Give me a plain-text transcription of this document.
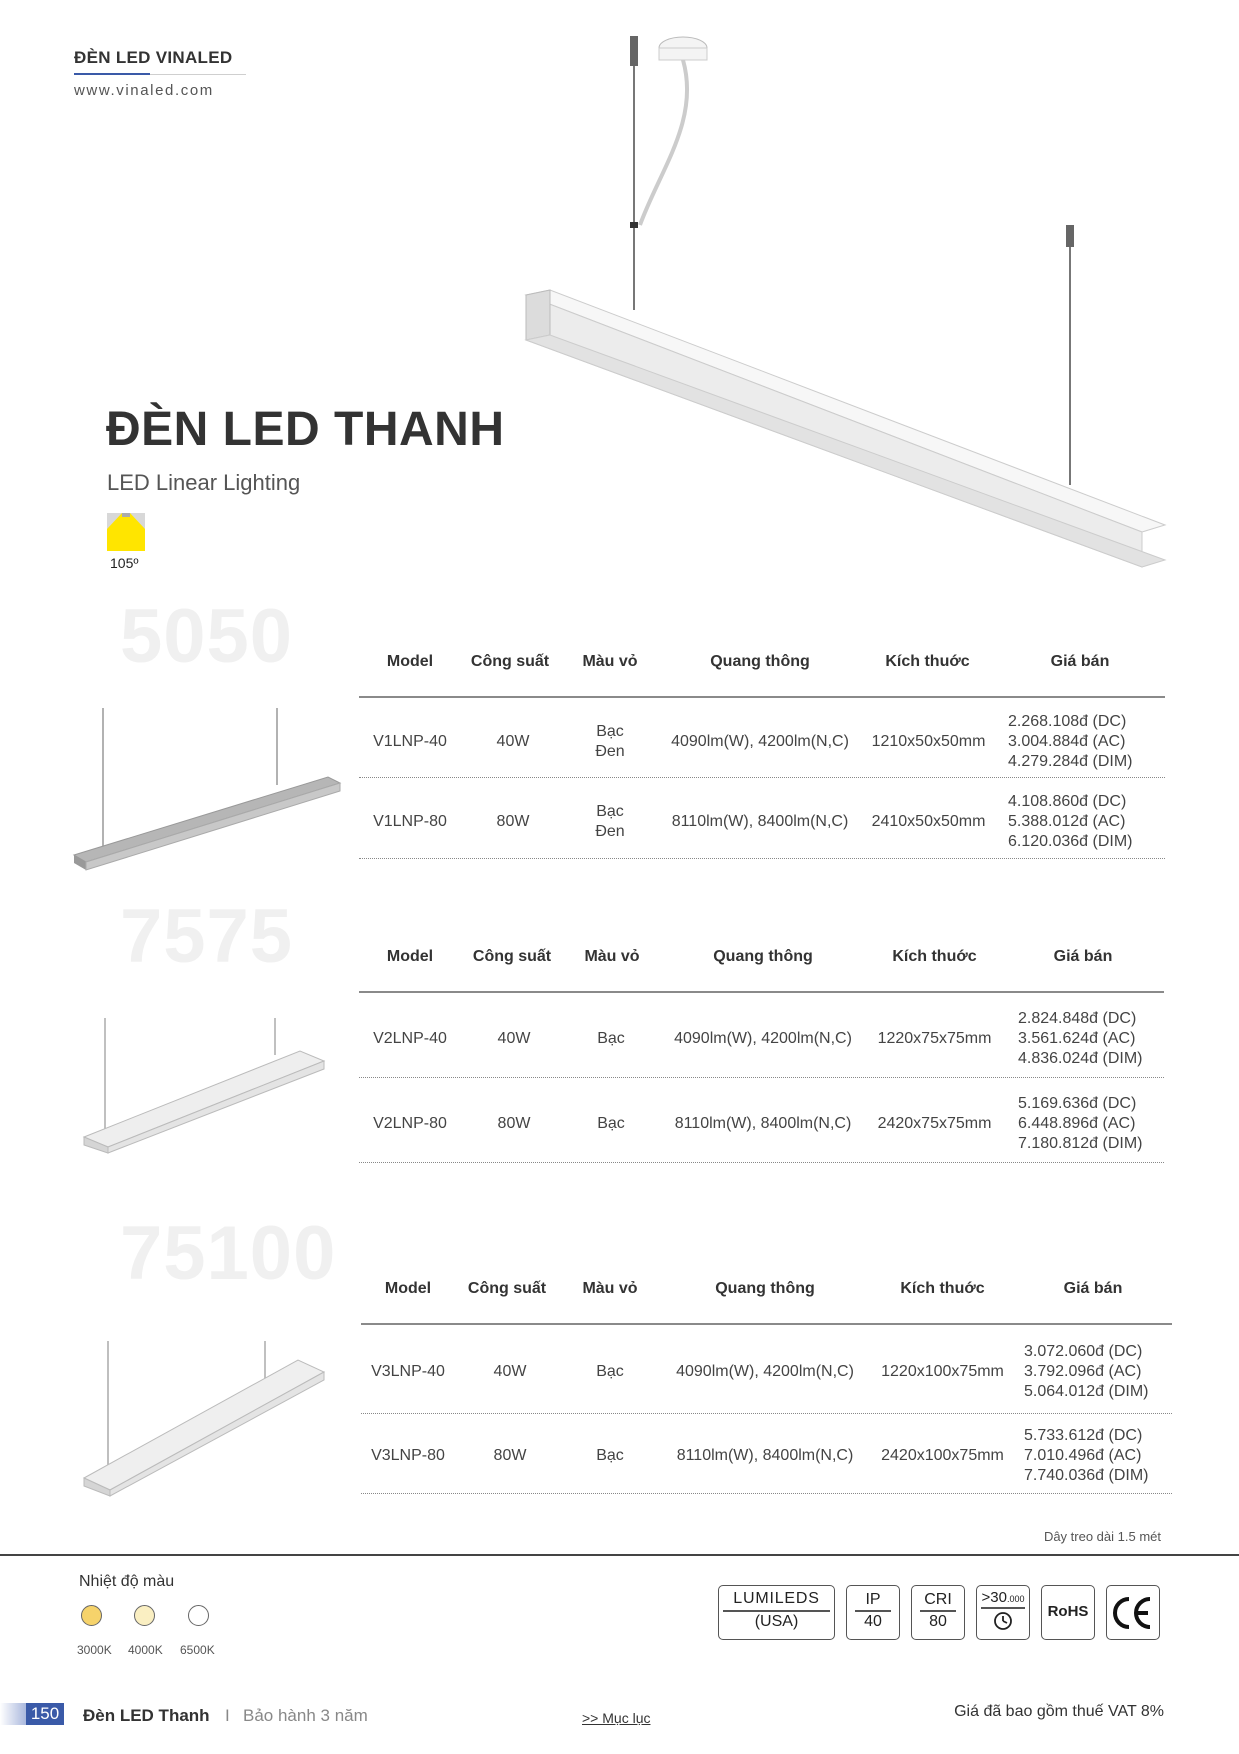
ĐÈN LED VINALED
www.vinaled.com
ĐÈN LED THANH
LED Linear Lighting
105º
5050	Model	Công suất	Màu vỏ	Quang thông	Kích thuớc	Giá bán
V1LNP-40	40W
Bạc
Đen
4090lm(W), 4200lm(N,C)	1210x50x50mm
2.268.108đ (DC)
3.004.884đ (AC)
4.279.284đ (DIM)
V1LNP-80	80W
Bạc
Đen
8110lm(W), 8400lm(N,C)	2410x50x50mm
4.108.860đ (DC)
5.388.012đ (AC)
6.120.036đ (DIM)
7575	Model	Công suất	Màu vỏ	Quang thông	Kích thuớc	Giá bán
V2LNP-40	40W	Bạc	4090lm(W), 4200lm(N,C)	1220x75x75mm
2.824.848đ (DC)
3.561.624đ (AC)
4.836.024đ (DIM)
V2LNP-80	80W	Bạc	8110lm(W), 8400lm(N,C)	2420x75x75mm
5.169.636đ (DC)
6.448.896đ (AC)
7.180.812đ (DIM)
75100	Model	Công suất	Màu vỏ	Quang thông	Kích thuớc	Giá bán
V3LNP-40	40W	Bạc	4090lm(W), 4200lm(N,C)	1220x100x75mm
3.072.060đ (DC)
3.792.096đ (AC)
5.064.012đ (DIM)
V3LNP-80	80W	Bạc	8110lm(W), 8400lm(N,C)	2420x100x75mm
5.733.612đ (DC)
7.010.496đ (AC)
7.740.036đ (DIM)
Dây treo dài 1.5 mét
Nhiệt độ màu
3000K 4000K 6500K
LUMILEDS
(USA)
IP
40
CRI
80
>30.000
RoHS
150 Đèn LED Thanh I Bảo hành 3 năm	>> Mục lục	Giá đã bao gồm thuế VAT 8%
